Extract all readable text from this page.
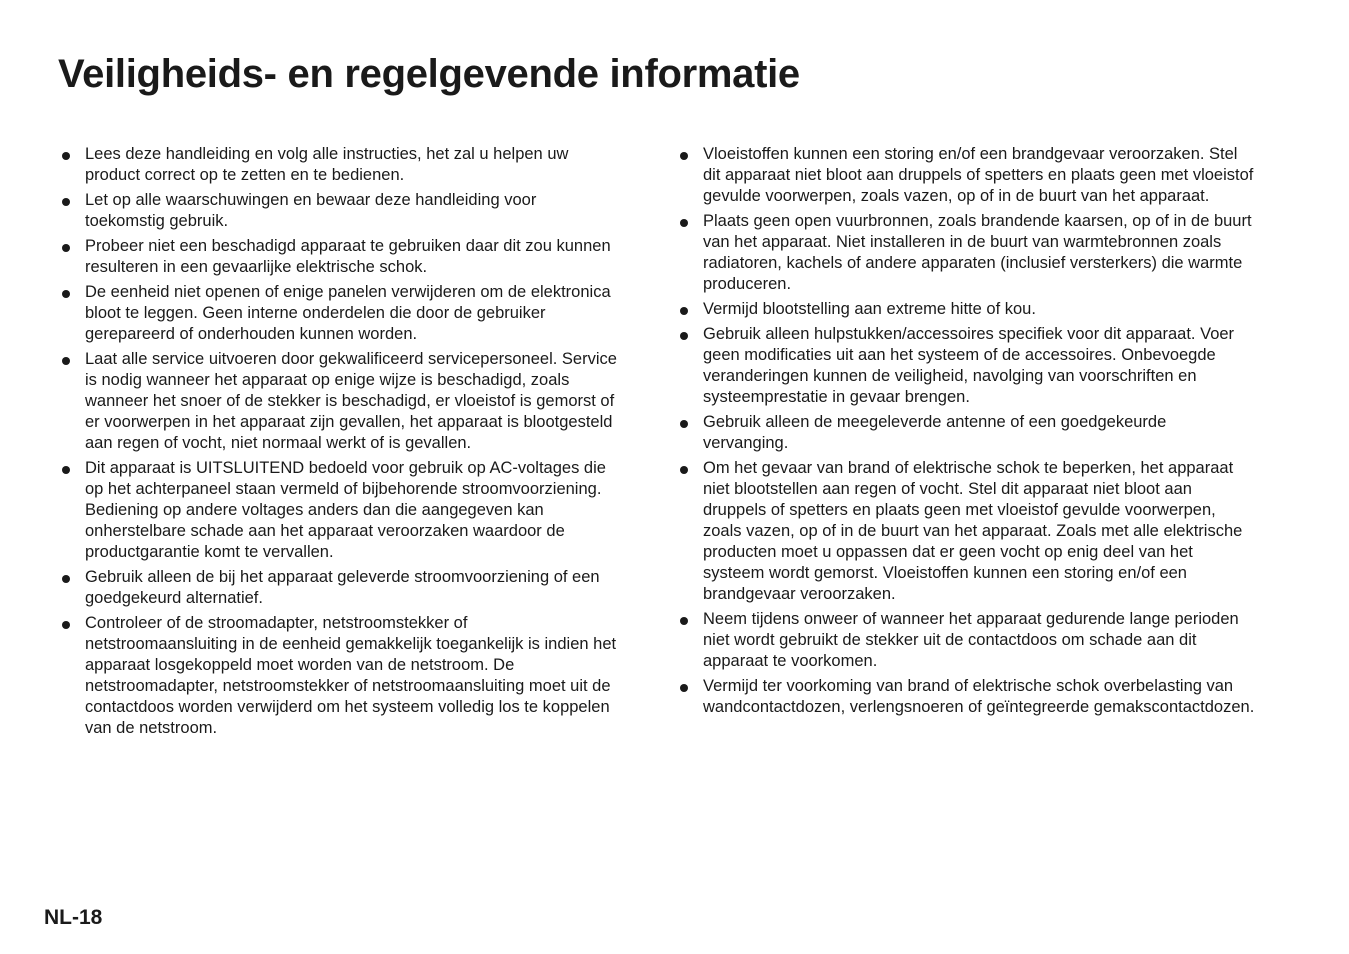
Veiligheids- en regelgevende informatie
Lees deze handleiding en volg alle instructies, het zal u helpen uw product correct op te zetten en te bedienen.
Let op alle waarschuwingen en bewaar deze handleiding voor toekomstig gebruik.
Probeer niet een beschadigd apparaat te gebruiken daar dit zou kunnen resulteren in een gevaarlijke elektrische schok.
De eenheid niet openen of enige panelen verwijderen om de elektronica bloot te leggen. Geen interne onderdelen die door de gebruiker gerepareerd of onderhouden kunnen worden.
Laat alle service uitvoeren door gekwalificeerd servicepersoneel. Service is nodig wanneer het apparaat op enige wijze is beschadigd, zoals wanneer het snoer of de stekker is beschadigd, er vloeistof is gemorst of er voorwerpen in het apparaat zijn gevallen, het apparaat is blootgesteld aan regen of vocht, niet normaal werkt of is gevallen.
Dit apparaat is UITSLUITEND bedoeld voor gebruik op AC-voltages die op het achterpaneel staan vermeld of bijbehorende stroomvoorziening. Bediening op andere voltages anders dan die aangegeven kan onherstelbare schade aan het apparaat veroorzaken waardoor de productgarantie komt te vervallen.
Gebruik alleen de bij het apparaat geleverde stroomvoorziening of een goedgekeurd alternatief.
Controleer of de stroomadapter, netstroomstekker of netstroomaansluiting in de eenheid gemakkelijk toegankelijk is indien het apparaat losgekoppeld moet worden van de netstroom. De netstroomadapter, netstroomstekker of netstroomaansluiting moet uit de contactdoos worden verwijderd om het systeem volledig los te koppelen van de netstroom.
Vloeistoffen kunnen een storing en/of een brandgevaar veroorzaken. Stel dit apparaat niet bloot aan druppels of spetters en plaats geen met vloeistof gevulde voorwerpen, zoals vazen, op of in de buurt van het apparaat.
Plaats geen open vuurbronnen, zoals brandende kaarsen, op of in de buurt van het apparaat. Niet installeren in de buurt van warmtebronnen zoals radiatoren, kachels of andere apparaten (inclusief versterkers) die warmte produceren.
Vermijd blootstelling aan extreme hitte of kou.
Gebruik alleen hulpstukken/accessoires specifiek voor dit apparaat. Voer geen modificaties uit aan het systeem of de accessoires. Onbevoegde veranderingen kunnen de veiligheid, navolging van voorschriften en systeemprestatie in gevaar brengen.
Gebruik alleen de meegeleverde antenne of een goedgekeurde vervanging.
Om het gevaar van brand of elektrische schok te beperken, het apparaat niet blootstellen aan regen of vocht. Stel dit apparaat niet bloot aan druppels of spetters en plaats geen met vloeistof gevulde voorwerpen, zoals vazen, op of in de buurt van het apparaat. Zoals met alle elektrische producten moet u oppassen dat er geen vocht op enig deel van het systeem wordt gemorst. Vloeistoffen kunnen een storing en/of een brandgevaar veroorzaken.
Neem tijdens onweer of wanneer het apparaat gedurende lange perioden niet wordt gebruikt de stekker uit de contactdoos om schade aan dit apparaat te voorkomen.
Vermijd ter voorkoming van brand of elektrische schok overbelasting van wandcontactdozen, verlengsnoeren of geïntegreerde gemakscontactdozen.
NL-18
